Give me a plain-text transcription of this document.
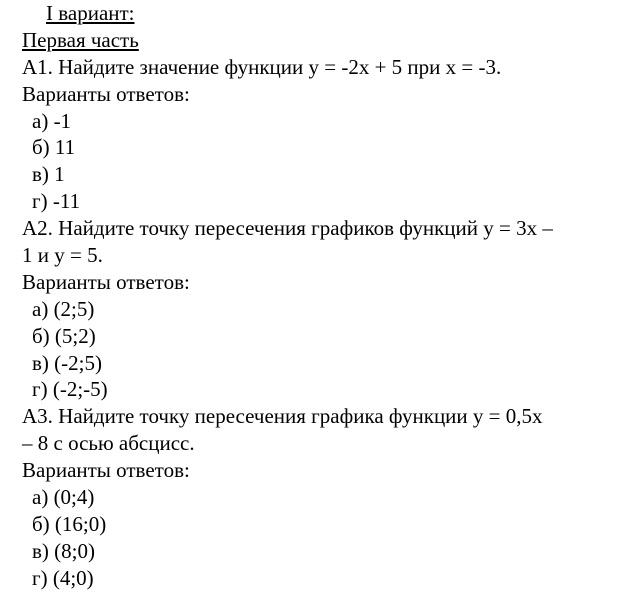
I вариант:
Первая часть
А1. Найдите значение функции у = -2х + 5 при х = -3.
Варианты ответов:
а) -1
б) 11
в) 1
г) -11
А2. Найдите точку пересечения графиков функций у = 3х –
1 и у = 5.
Варианты ответов:
а) (2;5)
б) (5;2)
в) (-2;5)
г) (-2;-5)
А3. Найдите точку пересечения графика функции у = 0,5х
– 8 с осью абсцисс.
Варианты ответов:
а) (0;4)
б) (16;0)
в) (8;0)
г) (4;0)
